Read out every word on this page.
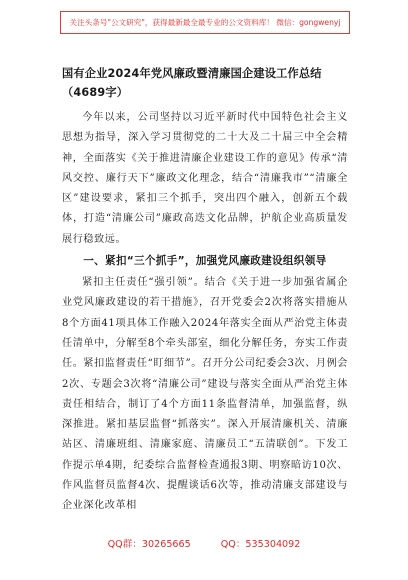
关注头条号"公文研究"，获得最新最全最专业的公文资料库！ 微信：gongwenyj
国有企业2024年党风廉政暨清廉国企建设工作总结（4689字）

今年以来，公司坚持以习近平新时代中国特色社会主义思想为指导，深入学习贯彻党的二十大及二十届三中全会精神，全面落实《关于推进清廉企业建设工作的意见》传承“清风交控、廉行天下”廉政文化理念，结合“清廉我市”“清廉全区”建设要求，紧扣三个抓手，突出四个融入，创新五个载体，打造“清廉公司”廉政高迭文化品牌，护航企业高质量发展行稳致远。

一、紧扣“三个抓手”，加强党风廉政建设组织领导

紧扣主任责任“强引领”。结合《关于进一步加强省属企业党风廉政建设的若干措施》，召开党委会2次将落实措施从8个方面41项具体工作融入2024年落实全面从严治党主体责任清单中，分解至8个牵头部室，细化分解任务，夯实工作责任。紧扣监督责任“盯细节”。召开分公司纪委会3次、月例会2次、专题会3次将“清廉公司”建设与落实全面从严治党主体责任相结合，制订了4个方面11条监督清单，加强监督，纵深推进。紧扣基层监督“抓落实”。深入开展清廉机关、清廉站区、清廉班组、清廉家庭、清廉员工“五清联创”。下发工作提示单4期，纪委综合监督检查通报3期、明察暗访10次、作风监督员监督4次、提醒谈话6次等，推动清廉支部建设与企业深化改革相

QQ群：30265665	QQ：535304092
